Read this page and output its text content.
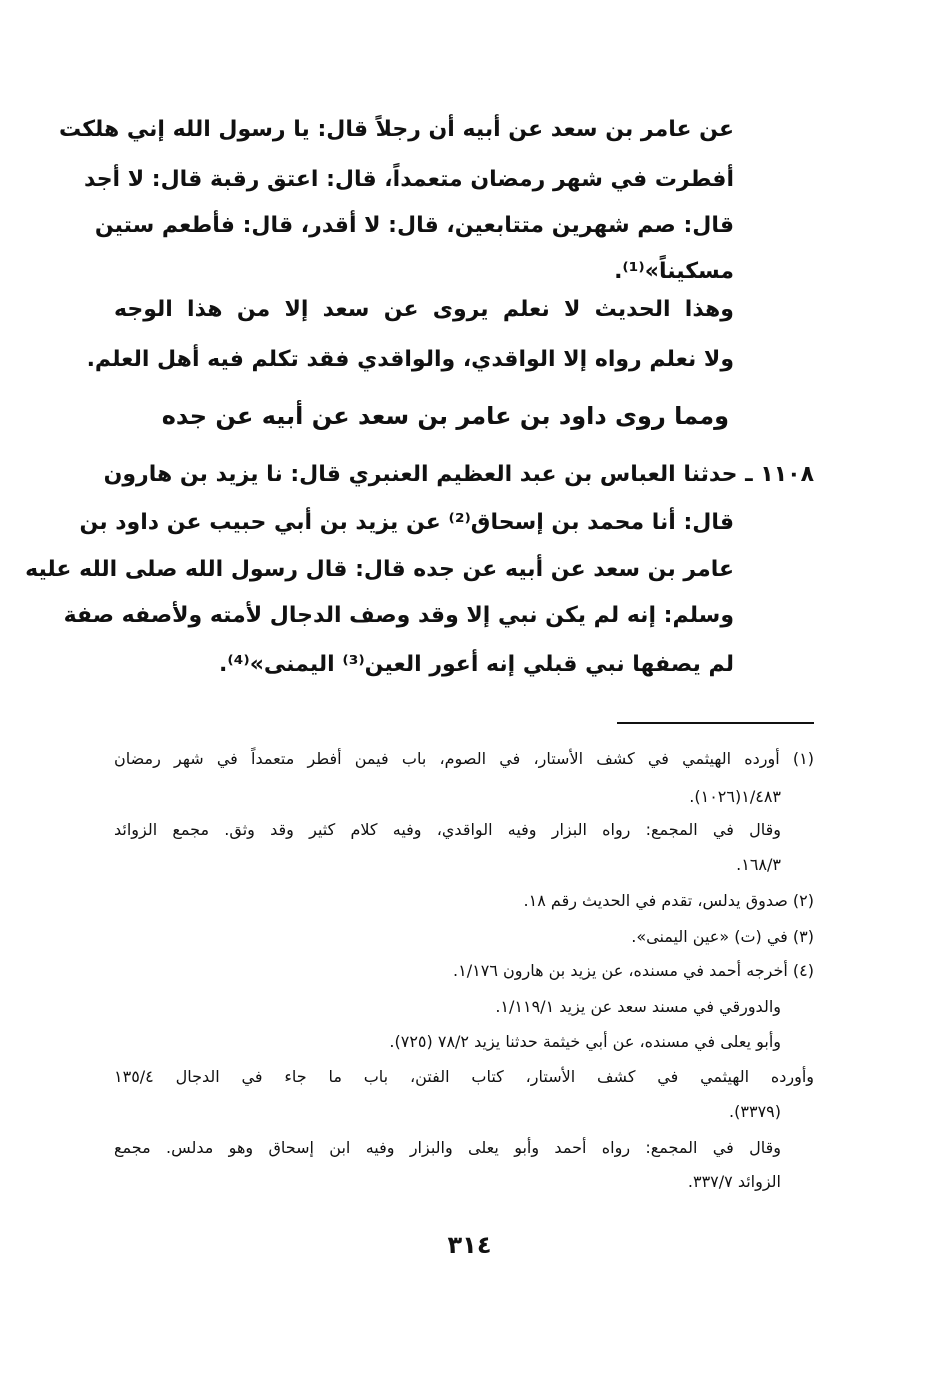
عن عامر بن سعد عن أبيه أن رجلاً قال: يا رسول الله إني هلكت
أفطرت في شهر رمضان متعمداً، قال: اعتق رقبة قال: لا أجد
قال: صم شهرين متتابعين، قال: لا أقدر، قال: فأطعم ستين
مسكيناً»⁽¹⁾.
وهذا الحديث لا نعلم يروى عن سعد إلا من هذا الوجه
ولا نعلم رواه إلا الواقدي، والواقدي فقد تكلم فيه أهل العلم.
ومما روى داود بن عامر بن سعد عن أبيه عن جده
١١٠٨ ـ حدثنا العباس بن عبد العظيم العنبري قال: نا يزيد بن هارون
قال: أنا محمد بن إسحاق⁽²⁾ عن يزيد بن أبي حبيب عن داود بن
عامر بن سعد عن أبيه عن جده قال: قال رسول الله صلى الله عليه
وسلم: إنه لم يكن نبي إلا وقد وصف الدجال لأمته ولأصفه صفة
لم يصفها نبي قبلي إنه أعور العين⁽³⁾ اليمنى»⁽⁴⁾.
(١) أورده الهيثمي في كشف الأستار، في الصوم، باب فيمن أفطر متعمداً في شهر رمضان
١/٤٨٣(١٠٢٦).
وقال في المجمع: رواه البزار وفيه الواقدي، وفيه كلام كثير وقد وثق. مجمع الزوائد
١٦٨/٣.
(٢) صدوق يدلس، تقدم في الحديث رقم ١٨.
(٣) في (ت) «عين اليمنى».
(٤) أخرجه أحمد في مسنده، عن يزيد بن هارون ١/١٧٦.
والدورقي في مسند سعد عن يزيد ١/١١٩/١.
وأبو يعلى في مسنده، عن أبي خيثمة حدثنا يزيد ٧٨/٢ (٧٢٥).
وأورده الهيثمي في كشف الأستار، كتاب الفتن، باب ما جاء في الدجال ١٣٥/٤
(٣٣٧٩).
وقال في المجمع: رواه أحمد وأبو يعلى والبزار وفيه ابن إسحاق وهو مدلس. مجمع
الزوائد ٣٣٧/٧.
٣١٤
